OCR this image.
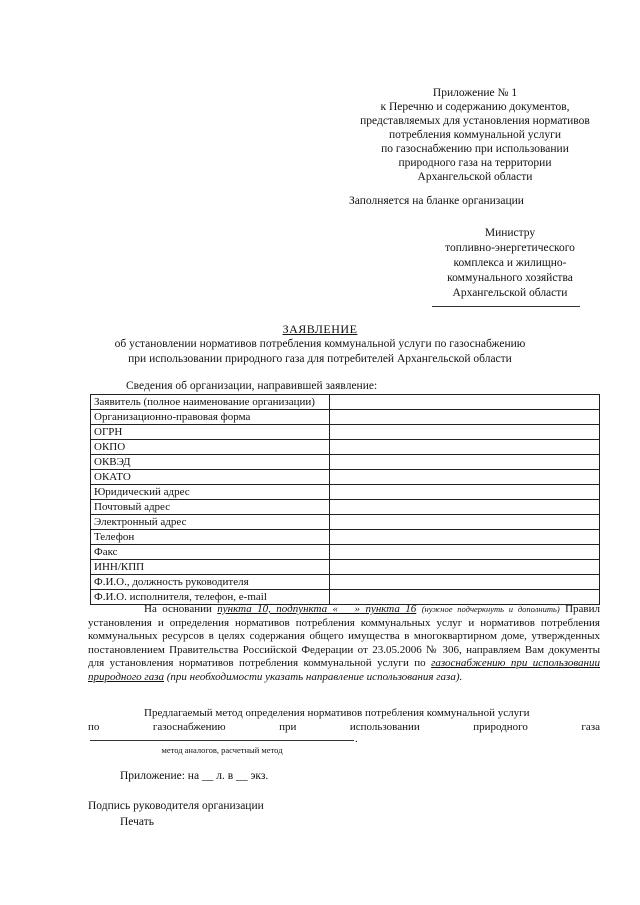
Приложение № 1
к Перечню и содержанию документов,
представляемых для установления нормативов
потребления коммунальной услуги
по газоснабжению при использовании
природного газа на территории
Архангельской области
Заполняется на бланке организации
Министру
топливно-энергетического
комплекса и жилищно-
коммунального хозяйства
Архангельской области
ЗАЯВЛЕНИЕ
об установлении нормативов потребления коммунальной услуги по газоснабжению
при использовании природного газа для потребителей Архангельской области
Сведения об организации, направившей заявление:
Заявитель (полное наименование организации)	
Организационно-правовая форма	
ОГРН	
ОКПО	
ОКВЭД	
ОКАТО	
Юридический адрес	
Почтовый адрес	
Электронный адрес	
Телефон	
Факс	
ИНН/КПП	
Ф.И.О., должность руководителя	
Ф.И.О. исполнителя, телефон, e-mail	
На основании пункта 10, подпункта «___» пункта 16 (нужное подчеркнуть и дополнить) Правил установления и определения нормативов потребления коммунальных услуг и нормативов потребления коммунальных ресурсов в целях содержания общего имущества в многоквартирном доме, утвержденных постановлением Правительства Российской Федерации от 23.05.2006 № 306, направляем Вам документы для установления нормативов потребления коммунальной услуги по газоснабжению при использовании природного газа (при необходимости указать направление использования газа).
Предлагаемый метод определения нормативов потребления коммунальной услуги
по	газоснабжению	при	использовании	природного	газа
.
метод аналогов, расчетный метод
Приложение: на __ л. в __ экз.
Подпись руководителя организации
Печать
